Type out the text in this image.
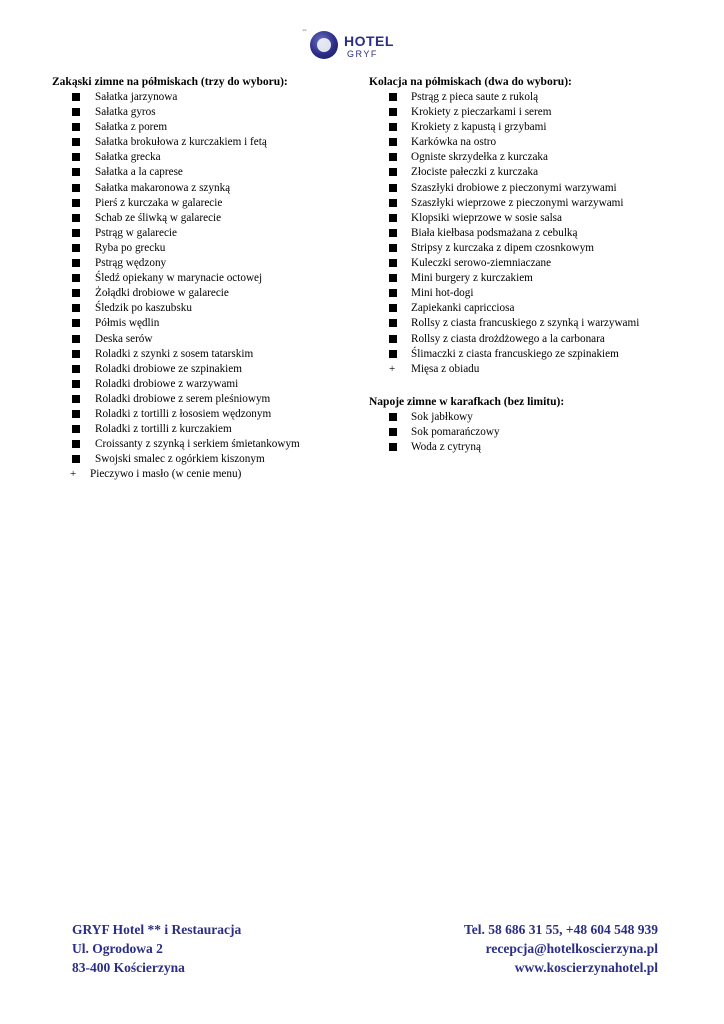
**
HOTEL
GRYF
Zakąski zimne na półmiskach (trzy do wyboru):
Sałatka jarzynowa
Sałatka gyros
Sałatka z porem
Sałatka brokułowa z kurczakiem i fetą
Sałatka grecka
Sałatka a la caprese
Sałatka makaronowa z szynką
Pierś z kurczaka w galarecie
Schab ze śliwką w galarecie
Pstrąg w galarecie
Ryba po grecku
Pstrąg wędzony
Śledź opiekany w marynacie octowej
Żołądki drobiowe w galarecie
Śledzik po kaszubsku
Półmis wędlin
Deska serów
Roladki z szynki z sosem tatarskim
Roladki drobiowe ze szpinakiem
Roladki drobiowe z warzywami
Roladki drobiowe z serem pleśniowym
Roladki z tortilli z łososiem wędzonym
Roladki z tortilli z kurczakiem
Croissanty z szynką i serkiem śmietankowym
Swojski smalec z ogórkiem kiszonym
+ Pieczywo i masło (w cenie menu)
Kolacja na półmiskach (dwa do wyboru):
Pstrąg z pieca saute z rukolą
Krokiety z pieczarkami i serem
Krokiety z kapustą i grzybami
Karkówka na ostro
Ogniste skrzydełka z kurczaka
Złociste pałeczki z kurczaka
Szaszłyki drobiowe z pieczonymi warzywami
Szaszłyki wieprzowe z pieczonymi warzywami
Klopsiki wieprzowe w sosie salsa
Biała kiełbasa podsmażana z cebulką
Stripsy z kurczaka z dipem czosnkowym
Kuleczki serowo-ziemniaczane
Mini burgery z kurczakiem
Mini hot-dogi
Zapiekanki capricciosa
Rollsy z ciasta francuskiego z szynką i warzywami
Rollsy z ciasta drożdżowego a la carbonara
Ślimaczki z ciasta francuskiego ze szpinakiem
+ Mięsa z obiadu
Napoje zimne w karafkach (bez limitu):
Sok jabłkowy
Sok pomarańczowy
Woda z cytryną
GRYF Hotel ** i Restauracja
Ul. Ogrodowa 2
83-400 Kościerzyna
Tel. 58 686 31 55, +48 604 548 939
recepcja@hotelkoscierzyna.pl
www.koscierzynahotel.pl
